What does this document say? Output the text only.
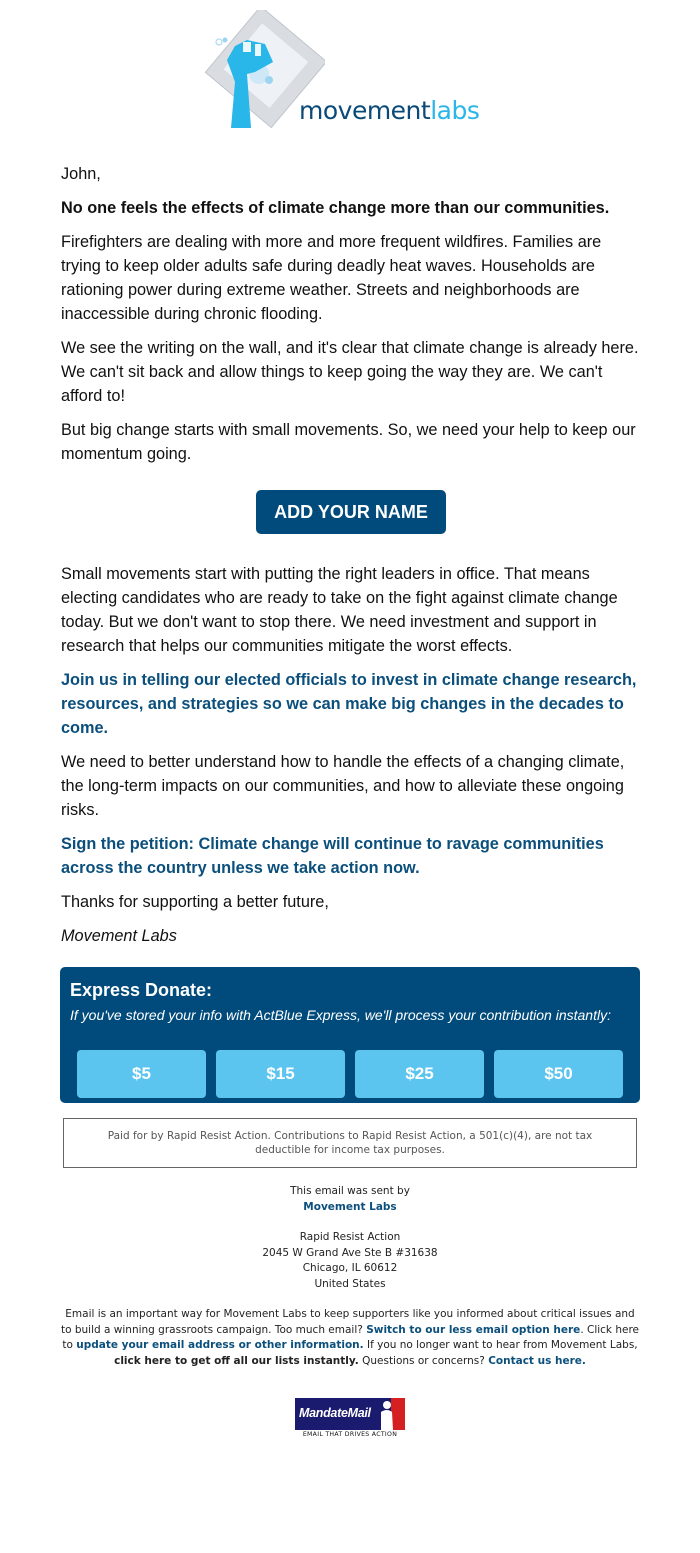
movementlabs

John,

No one feels the effects of climate change more than our communities.

Firefighters are dealing with more and more frequent wildfires. Families are trying to keep older adults safe during deadly heat waves. Households are rationing power during extreme weather. Streets and neighborhoods are inaccessible during chronic flooding.

We see the writing on the wall, and it's clear that climate change is already here. We can't sit back and allow things to keep going the way they are. We can't afford to!

But big change starts with small movements. So, we need your help to keep our momentum going.

ADD YOUR NAME

Small movements start with putting the right leaders in office. That means electing candidates who are ready to take on the fight against climate change today. But we don't want to stop there. We need investment and support in research that helps our communities mitigate the worst effects.

Join us in telling our elected officials to invest in climate change research, resources, and strategies so we can make big changes in the decades to come.

We need to better understand how to handle the effects of a changing climate, the long-term impacts on our communities, and how to alleviate these ongoing risks.

Sign the petition: Climate change will continue to ravage communities across the country unless we take action now.

Thanks for supporting a better future,

Movement Labs

Express Donate:
If you've stored your info with ActBlue Express, we'll process your contribution instantly:
$5	$15	$25	$50
Paid for by Rapid Resist Action. Contributions to Rapid Resist Action, a 501(c)(4), are not tax
deductible for income tax purposes.
This email was sent by
Movement Labs
Rapid Resist Action
2045 W Grand Ave Ste B #31638
Chicago, IL 60612
United States
Email is an important way for Movement Labs to keep supporters like you informed about critical issues and to build a winning grassroots campaign. Too much email? Switch to our less email option here. Click here to update your email address or other information. If you no longer want to hear from Movement Labs, click here to get off all our lists instantly. Questions or concerns? Contact us here.
MandateMail
EMAIL THAT DRIVES ACTION
